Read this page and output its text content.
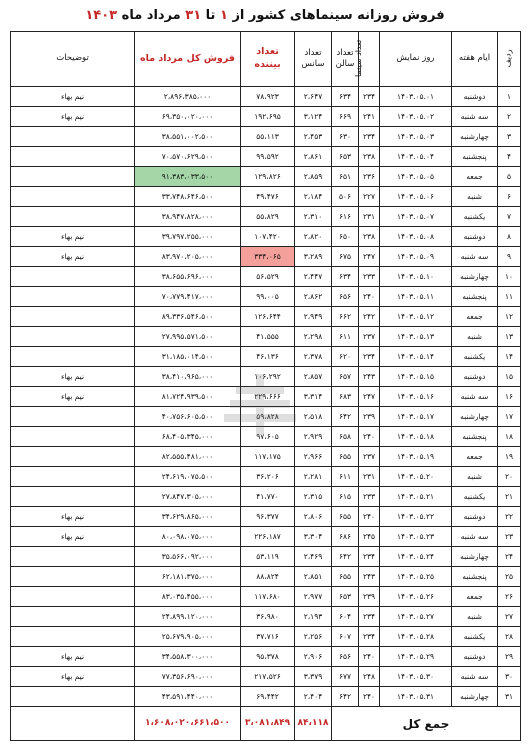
فروش روزانه سینماهای کشور از ۱ تا ۳۱ مرداد ماه ۱۴۰۳
ردیف	ایام هفته	روز نمایش	تعداد سینما	تعداد سالن	تعداد سانس	تعداد بیننده	فروش کل مرداد ماه	توضیحات
۱	دوشنبه	۱۴۰۳.۰۵.۰۱	۲۳۴	۶۳۴	۲،۶۴۷	۷۸،۹۲۳	۲،۸۹۶،۳۸۵،۰۰۰	نیم بهاء
۲	سه شنبه	۱۴۰۳.۰۵.۰۲	۲۴۱	۶۶۹	۳،۱۲۴	۱۹۲،۶۹۵	۶۹،۳۵۰،۰۲۰،۰۰۰	نیم بهاء
۳	چهارشنبه	۱۴۰۳.۰۵.۰۳	۲۳۴	۶۳۰	۲،۴۵۳	۵۵،۱۱۳	۳۸،۵۵۱،۰۰۲،۵۰۰	
۴	پنجشنبه	۱۴۰۳.۰۵.۰۴	۲۳۸	۶۵۳	۲،۸۶۱	۹۹،۵۹۲	۷۰،۵۷۰،۶۲۹،۵۰۰	
۵	جمعه	۱۴۰۳.۰۵.۰۵	۲۳۶	۶۵۱	۲،۸۵۹	۱۲۹،۸۲۶	۹۱،۳۸۳،۰۳۳،۵۰۰	
۶	شنبه	۱۴۰۳.۰۵.۰۶	۲۲۷	۵۰۶	۲،۱۸۴	۴۹،۴۷۶	۳۳،۷۴۸،۶۴۶،۵۰۰	
۷	یکشنبه	۱۴۰۳.۰۵.۰۷	۲۳۱	۶۱۶	۲،۳۱۰	۵۵،۸۲۹	۳۸،۹۴۷،۸۲۸،۰۰۰	
۸	دوشنبه	۱۴۰۳.۰۵.۰۸	۲۳۸	۶۵۰	۲،۸۲۰	۱۰۷،۴۲۰	۳۹،۷۹۷،۲۵۵،۰۰۰	نیم بهاء
۹	سه شنبه	۱۴۰۳.۰۵.۰۹	۲۴۷	۶۷۵	۳،۲۸۹	۳۳۴،۰۶۵	۸۳،۹۷۰،۲۰۵،۰۰۰	نیم بهاء
۱۰	چهارشنبه	۱۴۰۳.۰۵.۱۰	۲۳۳	۶۳۴	۲،۴۴۷	۵۶،۵۲۹	۳۸،۶۵۵،۶۹۶،۰۰۰	
۱۱	پنجشنبه	۱۴۰۳.۰۵.۱۱	۲۴۰	۶۵۶	۲،۸۶۲	۹۹،۰۰۵	۷۰،۷۷۹،۴۱۷،۰۰۰	
۱۲	جمعه	۱۴۰۳.۰۵.۱۲	۲۴۲	۶۶۲	۲،۹۴۹	۱۲۶،۶۴۴	۸۹،۳۳۶،۵۴۶،۵۰۰	
۱۳	شنبه	۱۴۰۳.۰۵.۱۳	۲۳۷	۶۱۱	۲،۲۹۸	۴۱،۵۵۵	۲۷،۹۹۵،۵۷۱،۵۰۰	
۱۴	یکشنبه	۱۴۰۳.۰۵.۱۴	۲۳۴	۶۲۰	۲،۳۷۸	۴۶،۱۳۶	۳۱،۱۸۵،۰۱۴،۵۰۰	
۱۵	دوشنبه	۱۴۰۳.۰۵.۱۵	۲۴۳	۶۵۷	۲،۸۵۷	۱۰۶،۲۹۲	۳۸،۴۱۰،۹۶۵،۰۰۰	نیم بهاء
۱۶	سه شنبه	۱۴۰۳.۰۵.۱۶	۲۴۷	۶۸۳	۳،۳۱۴	۲۲۹،۶۶۶	۸۱،۷۲۴،۹۳۹،۵۰۰	نیم بهاء
۱۷	چهارشنبه	۱۴۰۳.۰۵.۱۷	۲۳۹	۶۴۲	۲،۵۱۸	۵۹،۸۲۸	۴۰،۷۵۶،۶۰۵،۵۰۰	
۱۸	پنجشنبه	۱۴۰۳.۰۵.۱۸	۲۴۰	۶۵۸	۲،۹۲۹	۹۷،۶۰۵	۶۸،۴۰۵،۳۴۵،۰۰۰	
۱۹	جمعه	۱۴۰۳.۰۵.۱۹	۲۳۷	۶۵۵	۲،۹۶۶	۱۱۷،۱۷۵	۸۲،۵۵۵،۴۸۱،۰۰۰	
۲۰	شنبه	۱۴۰۳.۰۵.۲۰	۲۳۱	۶۱۱	۲،۲۸۱	۳۶،۲۰۶	۲۴،۶۱۹،۰۷۵،۵۰۰	
۲۱	یکشنبه	۱۴۰۳.۰۵.۲۱	۲۳۳	۶۱۵	۲،۳۱۵	۴۱،۷۷۰	۲۷،۸۴۷،۳۰۵،۰۰۰	
۲۲	دوشنبه	۱۴۰۳.۰۵.۲۲	۲۴۰	۶۵۵	۲،۸۰۶	۹۶،۳۷۷	۳۴،۶۲۹،۸۶۵،۰۰۰	نیم بهاء
۲۳	سه شنبه	۱۴۰۳.۰۵.۲۳	۲۴۵	۶۸۶	۳،۳۰۴	۲۲۶،۱۸۷	۸۰،۰۹۸،۰۷۵،۰۰۰	نیم بهاء
۲۴	چهارشنبه	۱۴۰۳.۰۵.۲۴	۲۳۴	۶۴۲	۲،۴۶۹	۵۳،۱۱۹	۳۵،۵۶۶،۰۹۲،۰۰۰	
۲۵	پنجشنبه	۱۴۰۳.۰۵.۲۵	۲۴۳	۶۵۵	۲،۸۵۱	۸۸،۸۲۴	۶۲،۱۸۱،۳۷۵،۰۰۰	
۲۶	جمعه	۱۴۰۳.۰۵.۲۶	۲۳۹	۶۵۳	۲،۹۷۷	۱۱۷،۶۸۰	۸۳،۰۳۵،۴۵۵،۰۰۰	
۲۷	شنبه	۱۴۰۳.۰۵.۲۷	۲۳۴	۶۰۴	۲،۱۹۳	۳۶،۹۸۰	۲۴،۸۹۹،۱۲۰،۰۰۰	
۲۸	یکشنبه	۱۴۰۳.۰۵.۲۸	۲۳۴	۶۰۷	۲،۲۵۶	۳۷،۷۱۶	۲۵،۶۷۹،۹۰۵،۰۰۰	
۲۹	دوشنبه	۱۴۰۳.۰۵.۲۹	۲۴۰	۶۵۶	۲،۹۰۶	۹۵،۳۷۸	۳۴،۵۵۸،۳۰۰،۰۰۰	نیم بهاء
۳۰	سه شنبه	۱۴۰۳.۰۵.۳۰	۲۴۸	۶۷۷	۳،۳۷۹	۲۱۷،۵۲۶	۷۷،۳۵۶،۶۹۰،۰۰۰	نیم بهاء
۳۱	چهارشنبه	۱۴۰۳.۰۵.۳۱	۲۴۰	۶۴۲	۲،۴۰۴	۶۹،۴۴۲	۴۳،۵۹۱،۴۴۰،۰۰۰	
جمع کل					۸۴،۱۱۸	۳،۰۸۱،۸۴۹	۱،۶۰۸،۰۲۰،۶۶۱،۵۰۰	
